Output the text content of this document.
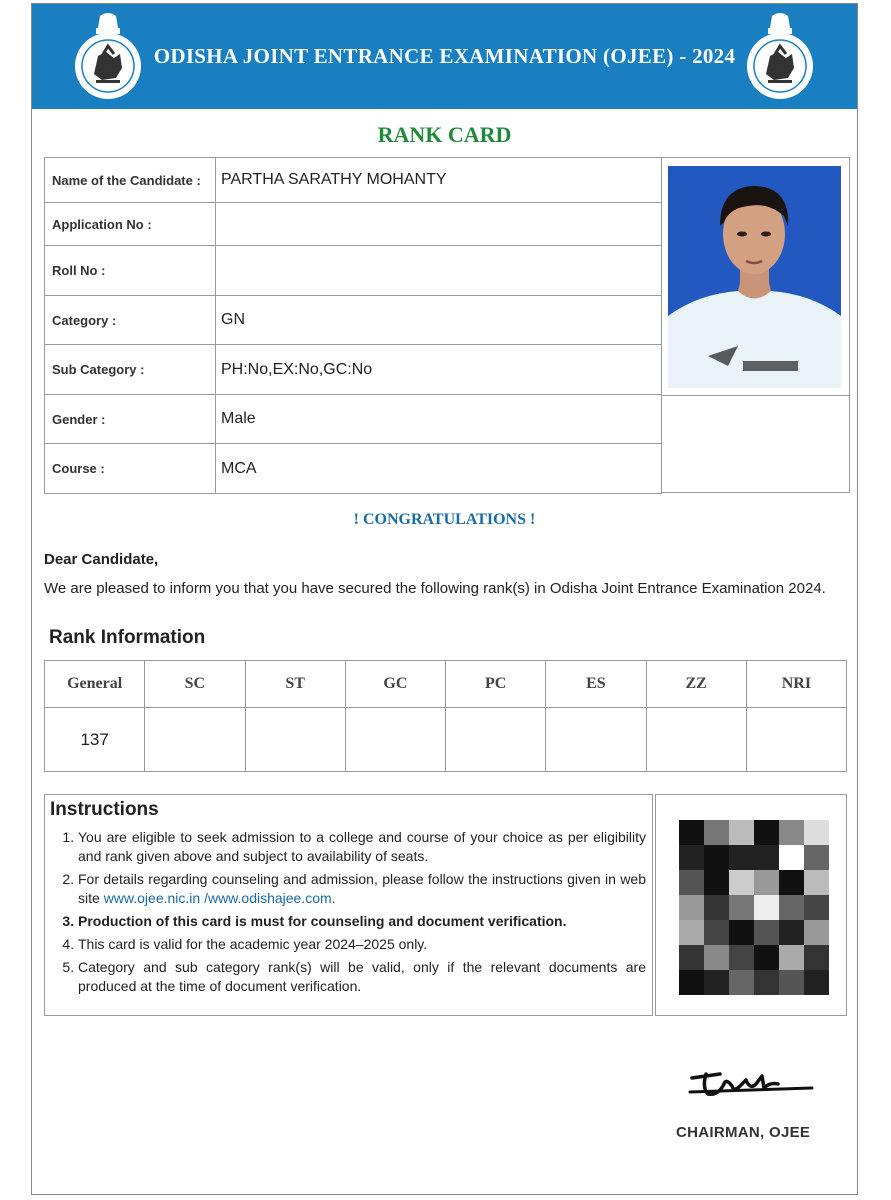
ODISHA JOINT ENTRANCE EXAMINATION (OJEE) - 2024
RANK CARD
Name of the Candidate :	PARTHA SARATHY MOHANTY
Application No :	
Roll No :	
Category :	GN
Sub Category :	PH:No,EX:No,GC:No
Gender :	Male
Course :	MCA
! CONGRATULATIONS !
Dear Candidate,
We are pleased to inform you that you have secured the following rank(s) in Odisha Joint Entrance Examination 2024.
Rank Information
General	SC	ST	GC	PC	ES	ZZ	NRI
137							
Instructions
1. You are eligible to seek admission to a college and course of your choice as per eligibility and rank given above and subject to availability of seats.
2. For details regarding counseling and admission, please follow the instructions given in web site www.ojee.nic.in /www.odishajee.com.
3. Production of this card is must for counseling and document verification.
4. This card is valid for the academic year 2024–2025 only.
5. Category and sub category rank(s) will be valid, only if the relevant documents are produced at the time of document verification.
CHAIRMAN, OJEE
